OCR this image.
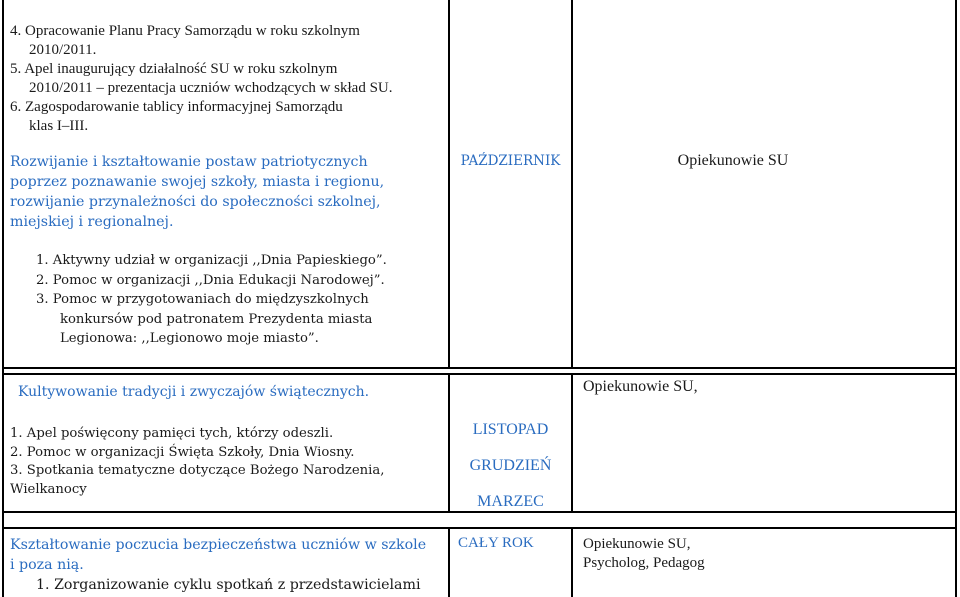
4. Opracowanie Planu Pracy Samorządu w roku szkolnym
2010/2011.
5. Apel inaugurujący działalność SU w roku szkolnym
2010/2011 – prezentacja uczniów wchodzących w skład SU.
6. Zagospodarowanie tablicy informacyjnej Samorządu
klas I–III.
Rozwijanie i kształtowanie postaw patriotycznych
poprzez poznawanie swojej szkoły, miasta i regionu,
rozwijanie przynależności do społeczności szkolnej,
miejskiej i regionalnej.
PAŹDZIERNIK	Opiekunowie SU
1. Aktywny udział w organizacji ,,Dnia Papieskiego”.
2. Pomoc w organizacji ,,Dnia Edukacji Narodowej”.
3. Pomoc w przygotowaniach do międzyszkolnych
konkursów pod patronatem Prezydenta miasta
Legionowa: ,,Legionowo moje miasto”.
Kultywowanie tradycji i zwyczajów świątecznych.
1. Apel poświęcony pamięci tych, którzy odeszli.
2. Pomoc w organizacji Święta Szkoły, Dnia Wiosny.
3. Spotkania tematyczne dotyczące Bożego Narodzenia,
Wielkanocy
LISTOPAD
GRUDZIEŃ
MARZEC
Opiekunowie SU,
Kształtowanie poczucia bezpieczeństwa uczniów w szkole
i poza nią.
1. Zorganizowanie cyklu spotkań z przedstawicielami
CAŁY ROK	Opiekunowie SU,
Psycholog, Pedagog
